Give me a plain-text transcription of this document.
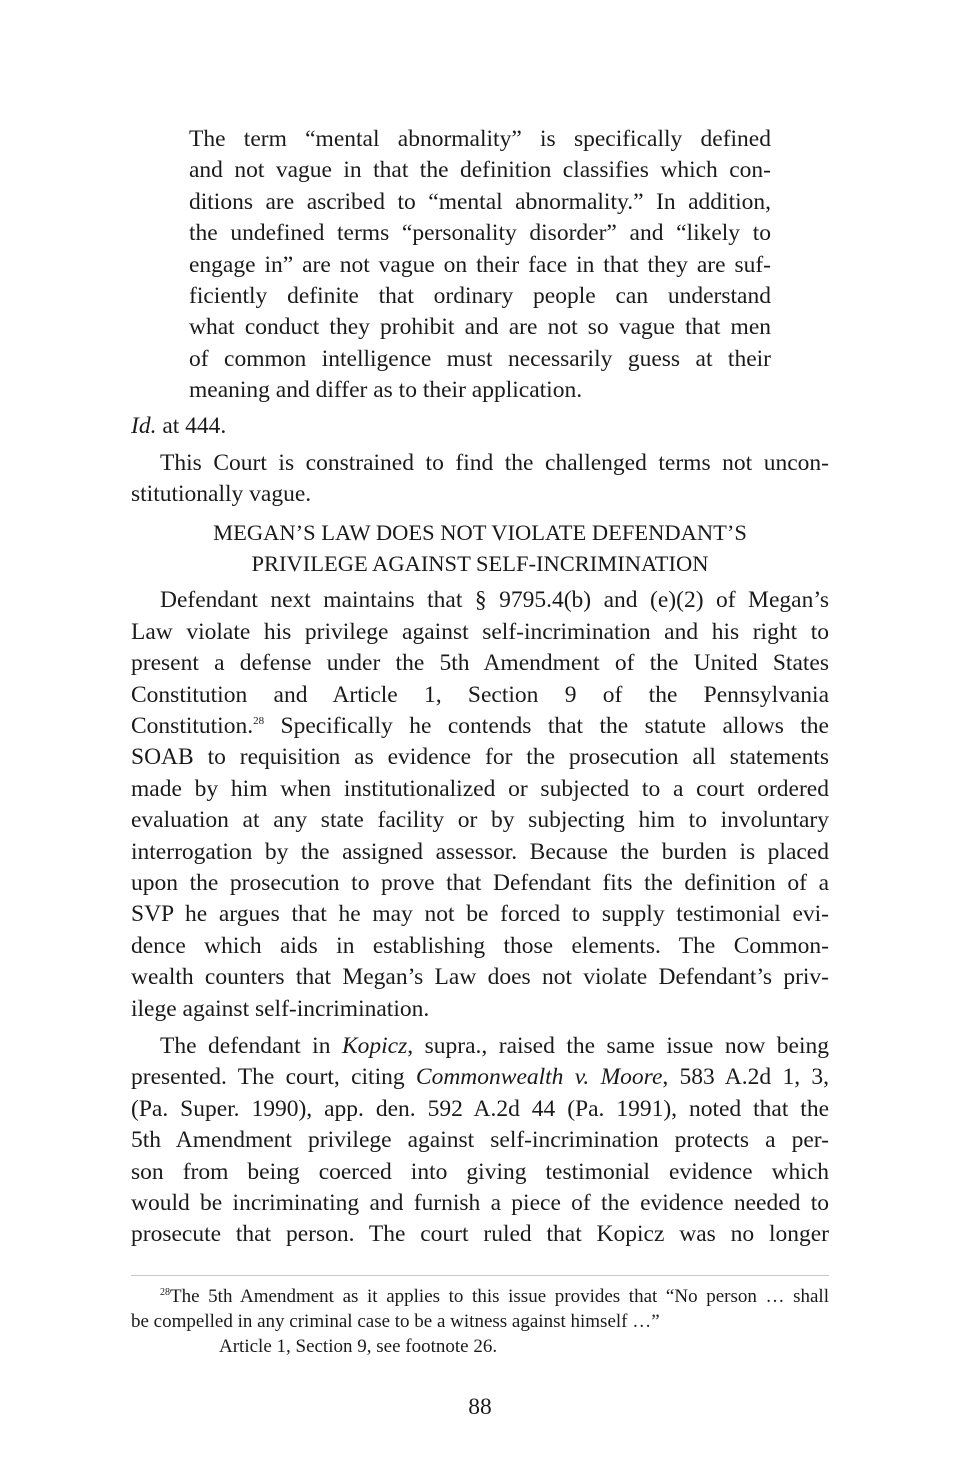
The term “mental abnormality” is specifically defined
and not vague in that the definition classifies which con-
ditions are ascribed to “mental abnormality.” In addition,
the undefined terms “personality disorder” and “likely to
engage in” are not vague on their face in that they are suf-
ficiently definite that ordinary people can understand
what conduct they prohibit and are not so vague that men
of common intelligence must necessarily guess at their
meaning and differ as to their application.
Id. at 444.
This Court is constrained to find the challenged terms not uncon-
stitutionally vague.
MEGAN’S LAW DOES NOT VIOLATE DEFENDANT’S
PRIVILEGE AGAINST SELF-INCRIMINATION
Defendant next maintains that § 9795.4(b) and (e)(2) of Megan’s
Law violate his privilege against self-incrimination and his right to
present a defense under the 5th Amendment of the United States
Constitution and Article 1, Section 9 of the Pennsylvania
Constitution.$^{28}$ Specifically he contends that the statute allows the
SOAB to requisition as evidence for the prosecution all statements
made by him when institutionalized or subjected to a court ordered
evaluation at any state facility or by subjecting him to involuntary
interrogation by the assigned assessor. Because the burden is placed
upon the prosecution to prove that Defendant fits the definition of a
SVP he argues that he may not be forced to supply testimonial evi-
dence which aids in establishing those elements. The Common-
wealth counters that Megan’s Law does not violate Defendant’s priv-
ilege against self-incrimination.
The defendant in Kopicz, supra., raised the same issue now being
presented. The court, citing Commonwealth v. Moore, 583 A.2d 1, 3,
(Pa. Super. 1990), app. den. 592 A.2d 44 (Pa. 1991), noted that the
5th Amendment privilege against self-incrimination protects a per-
son from being coerced into giving testimonial evidence which
would be incriminating and furnish a piece of the evidence needed to
prosecute that person. The court ruled that Kopicz was no longer
$^{28}$The 5th Amendment as it applies to this issue provides that “No person … shall
be compelled in any criminal case to be a witness against himself …”
Article 1, Section 9, see footnote 26.
88
